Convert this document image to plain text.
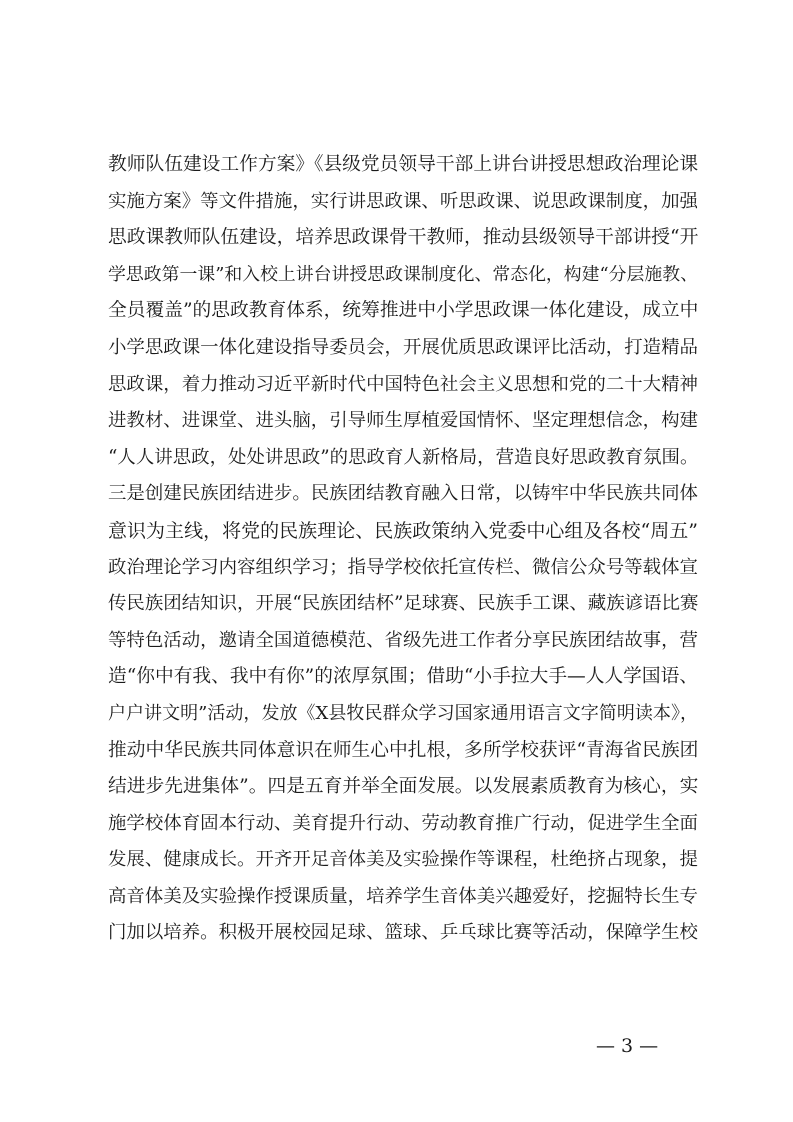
教师队伍建设工作方案》《县级党员领导干部上讲台讲授思想政治理论课
实施方案》等文件措施，实行讲思政课、听思政课、说思政课制度，加强
思政课教师队伍建设，培养思政课骨干教师，推动县级领导干部讲授“开
学思政第一课”和入校上讲台讲授思政课制度化、常态化，构建“分层施教、
全员覆盖”的思政教育体系，统筹推进中小学思政课一体化建设，成立中
小学思政课一体化建设指导委员会，开展优质思政课评比活动，打造精品
思政课，着力推动习近平新时代中国特色社会主义思想和党的二十大精神
进教材、进课堂、进头脑，引导师生厚植爱国情怀、坚定理想信念，构建
“人人讲思政，处处讲思政”的思政育人新格局，营造良好思政教育氛围。
三是创建民族团结进步。民族团结教育融入日常，以铸牢中华民族共同体
意识为主线，将党的民族理论、民族政策纳入党委中心组及各校“周五”
政治理论学习内容组织学习；指导学校依托宣传栏、微信公众号等载体宣
传民族团结知识，开展“民族团结杯”足球赛、民族手工课、藏族谚语比赛
等特色活动，邀请全国道德模范、省级先进工作者分享民族团结故事，营
造“你中有我、我中有你”的浓厚氛围；借助“小手拉大手—人人学国语、
户户讲文明”活动，发放《X县牧民群众学习国家通用语言文字简明读本》，
推动中华民族共同体意识在师生心中扎根，多所学校获评“青海省民族团
结进步先进集体”。四是五育并举全面发展。以发展素质教育为核心，实
施学校体育固本行动、美育提升行动、劳动教育推广行动，促进学生全面
发展、健康成长。开齐开足音体美及实验操作等课程，杜绝挤占现象，提
高音体美及实验操作授课质量，培养学生音体美兴趣爱好，挖掘特长生专
门加以培养。积极开展校园足球、篮球、乒乓球比赛等活动，保障学生校
— 3 —
